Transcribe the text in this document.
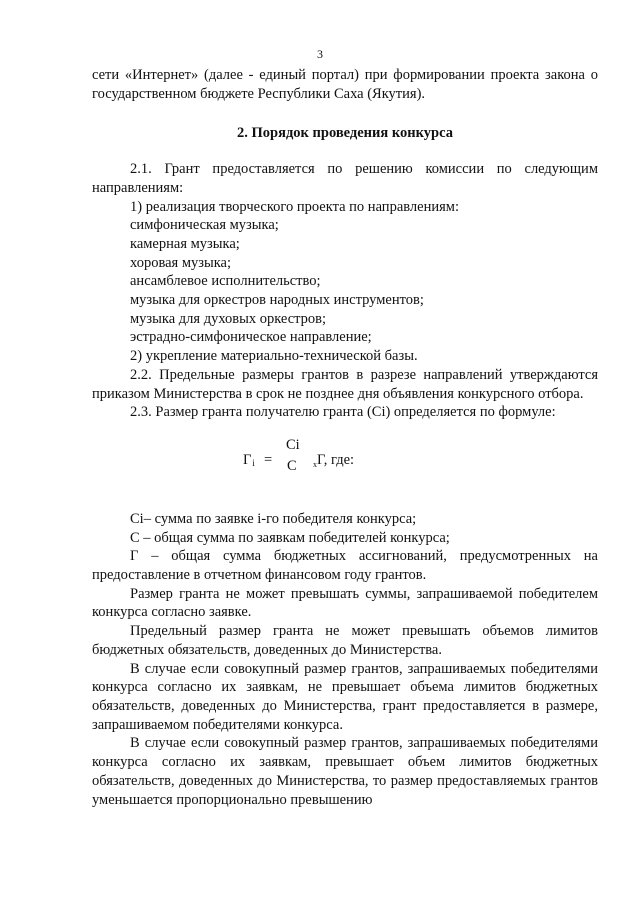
3

сети «Интернет» (далее - единый портал) при формировании проекта закона о государственном бюджете Республики Саха (Якутия).

2. Порядок проведения конкурса

2.1. Грант предоставляется по решению комиссии по следующим направлениям:

1) реализация творческого проекта по направлениям:

симфоническая музыка;

камерная музыка;

хоровая музыка;

ансамблевое исполнительство;

музыка для оркестров народных инструментов;

музыка для духовых оркестров;

эстрадно-симфоническое направление;

2) укрепление материально-технической базы.

2.2. Предельные размеры грантов в разрезе направлений утверждаются приказом Министерства в срок не позднее дня объявления конкурсного отбора.

2.3. Размер гранта получателю гранта (Сi) определяется по формуле:

$Г_i$ =
Сi
С $_х$Г, где:

Сi– сумма по заявке i-го победителя конкурса;

С – общая сумма по заявкам победителей конкурса;

Г – общая сумма бюджетных ассигнований, предусмотренных на предоставление в отчетном финансовом году грантов.

Размер гранта не может превышать суммы, запрашиваемой победителем конкурса согласно заявке.

Предельный размер гранта не может превышать объемов лимитов бюджетных обязательств, доведенных до Министерства.

В случае если совокупный размер грантов, запрашиваемых победителями конкурса согласно их заявкам, не превышает объема лимитов бюджетных обязательств, доведенных до Министерства, грант предоставляется в размере, запрашиваемом победителями конкурса.

В случае если совокупный размер грантов, запрашиваемых победителями конкурса согласно их заявкам, превышает объем лимитов бюджетных обязательств, доведенных до Министерства, то размер предоставляемых грантов уменьшается пропорционально превышению
